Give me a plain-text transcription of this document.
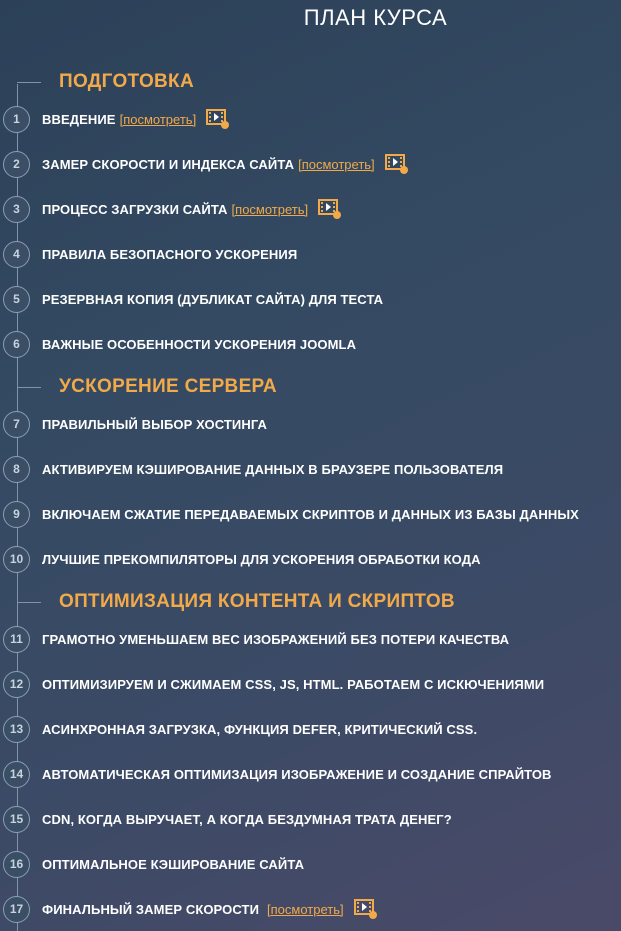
ПЛАН КУРСА
ПОДГОТОВКА
УСКОРЕНИЕ СЕРВЕРА
ОПТИМИЗАЦИЯ КОНТЕНТА И СКРИПТОВ
1	ВВЕДЕНИЕ [посмотреть]
2	ЗАМЕР СКОРОСТИ И ИНДЕКСА САЙТА [посмотреть]
3	ПРОЦЕСС ЗАГРУЗКИ САЙТА [посмотреть]
4	ПРАВИЛА БЕЗОПАСНОГО УСКОРЕНИЯ
5	РЕЗЕРВНАЯ КОПИЯ (ДУБЛИКАТ САЙТА) ДЛЯ ТЕСТА
6	ВАЖНЫЕ ОСОБЕННОСТИ УСКОРЕНИЯ JOOMLA
7	ПРАВИЛЬНЫЙ ВЫБОР ХОСТИНГА
8	АКТИВИРУЕМ КЭШИРОВАНИЕ ДАННЫХ В БРАУЗЕРЕ ПОЛЬЗОВАТЕЛЯ
9	ВКЛЮЧАЕМ СЖАТИЕ ПЕРЕДАВАЕМЫХ СКРИПТОВ И ДАННЫХ ИЗ БАЗЫ ДАННЫХ
10	ЛУЧШИЕ ПРЕКОМПИЛЯТОРЫ ДЛЯ УСКОРЕНИЯ ОБРАБОТКИ КОДА
11	ГРАМОТНО УМЕНЬШАЕМ ВЕС ИЗОБРАЖЕНИЙ БЕЗ ПОТЕРИ КАЧЕСТВА
12	ОПТИМИЗИРУЕМ И СЖИМАЕМ CSS, JS, HTML. РАБОТАЕМ С ИСКЮЧЕНИЯМИ
13	АСИНХРОННАЯ ЗАГРУЗКА, ФУНКЦИЯ DEFER, КРИТИЧЕСКИЙ CSS.
14	АВТОМАТИЧЕСКАЯ ОПТИМИЗАЦИЯ ИЗОБРАЖЕНИЕ И СОЗДАНИЕ СПРАЙТОВ
15	CDN, КОГДА ВЫРУЧАЕТ, А КОГДА БЕЗДУМНАЯ ТРАТА ДЕНЕГ?
16	ОПТИМАЛЬНОЕ КЭШИРОВАНИЕ САЙТА
17	ФИНАЛЬНЫЙ ЗАМЕР СКОРОСТИ [посмотреть]
